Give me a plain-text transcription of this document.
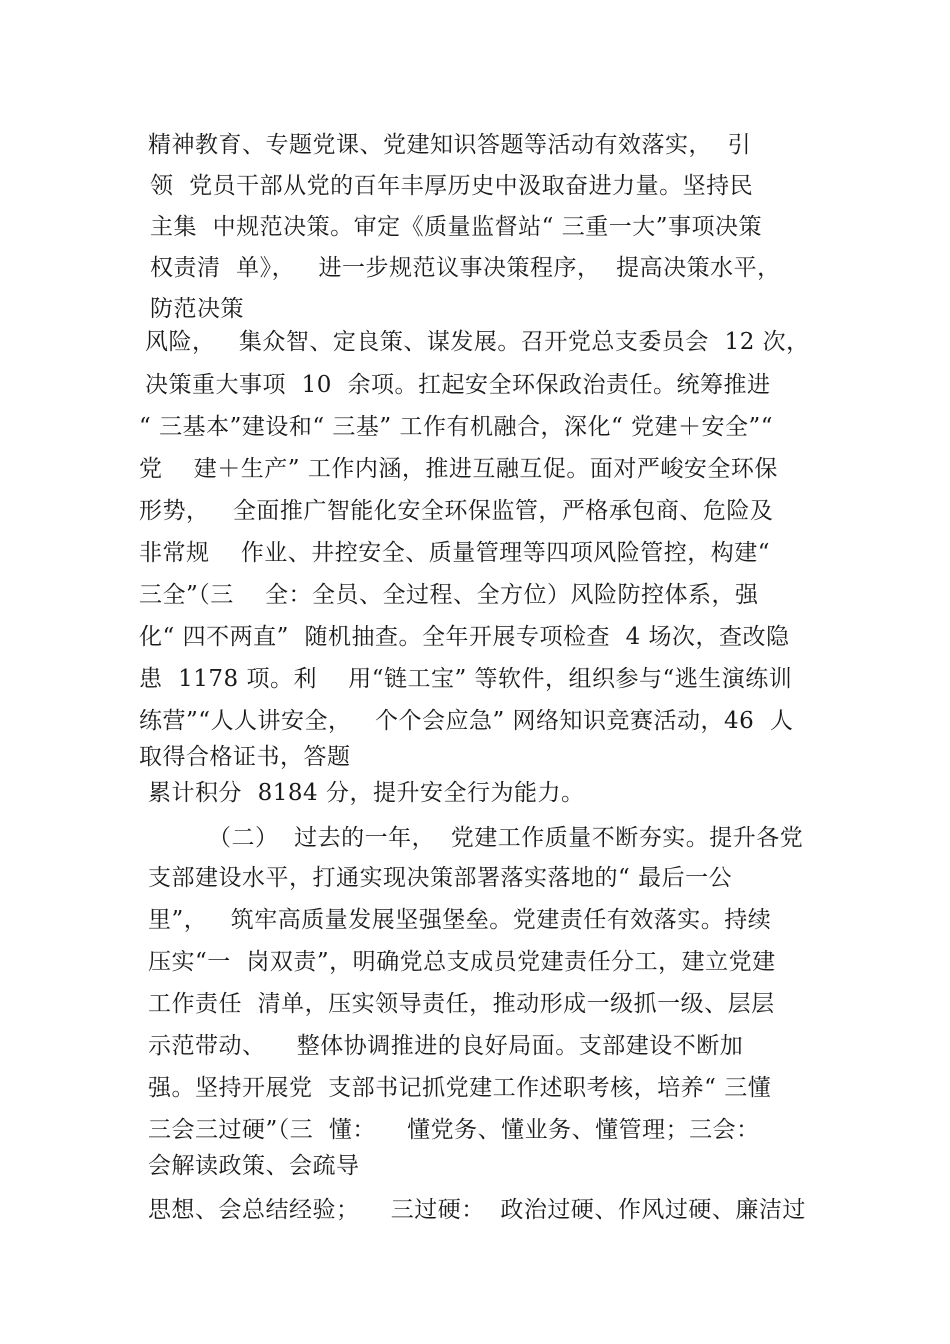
精神教育、专题党课、党建知识答题等活动有效落实，  引
领  党员干部从党的百年丰厚历史中汲取奋进力量。坚持民
主集  中规范决策。审定《质量监督站“ 三重一大”事项决策
权责清  单》，   进一步规范议事决策程序，  提高决策水平，
防范决策
风险，   集众智、定良策、谋发展。召开党总支委员会  12 次，
决策重大事项  10  余项。扛起安全环保政治责任。统筹推进
“ 三基本”建设和“ 三基” 工作有机融合，深化“ 党建＋安全”“
党    建＋生产” 工作内涵，推进互融互促。面对严峻安全环保
形势，   全面推广智能化安全环保监管，严格承包商、危险及
非常规    作业、井控安全、质量管理等四项风险管控，构建“
三全”（三    全：全员、全过程、全方位）风险防控体系，强
化“ 四不两直”  随机抽查。全年开展专项检查  4 场次，查改隐
患  1178 项。利    用“链工宝” 等软件，组织参与“逃生演练训
练营”“人人讲安全，   个个会应急” 网络知识竞赛活动，46  人
取得合格证书，答题
累计积分  8184 分，提升安全行为能力。
（二）  过去的一年，  党建工作质量不断夯实。提升各党
支部建设水平，打通实现决策部署落实落地的“ 最后一公
里”，   筑牢高质量发展坚强堡垒。党建责任有效落实。持续
压实“一  岗双责”，明确党总支成员党建责任分工，建立党建
工作责任  清单，压实领导责任，推动形成一级抓一级、层层
示范带动、    整体协调推进的良好局面。支部建设不断加
强。坚持开展党  支部书记抓党建工作述职考核，培养“ 三懂
三会三过硬”（三  懂：    懂党务、懂业务、懂管理；三会：
会解读政策、会疏导
思想、会总结经验；    三过硬：  政治过硬、作风过硬、廉洁过
